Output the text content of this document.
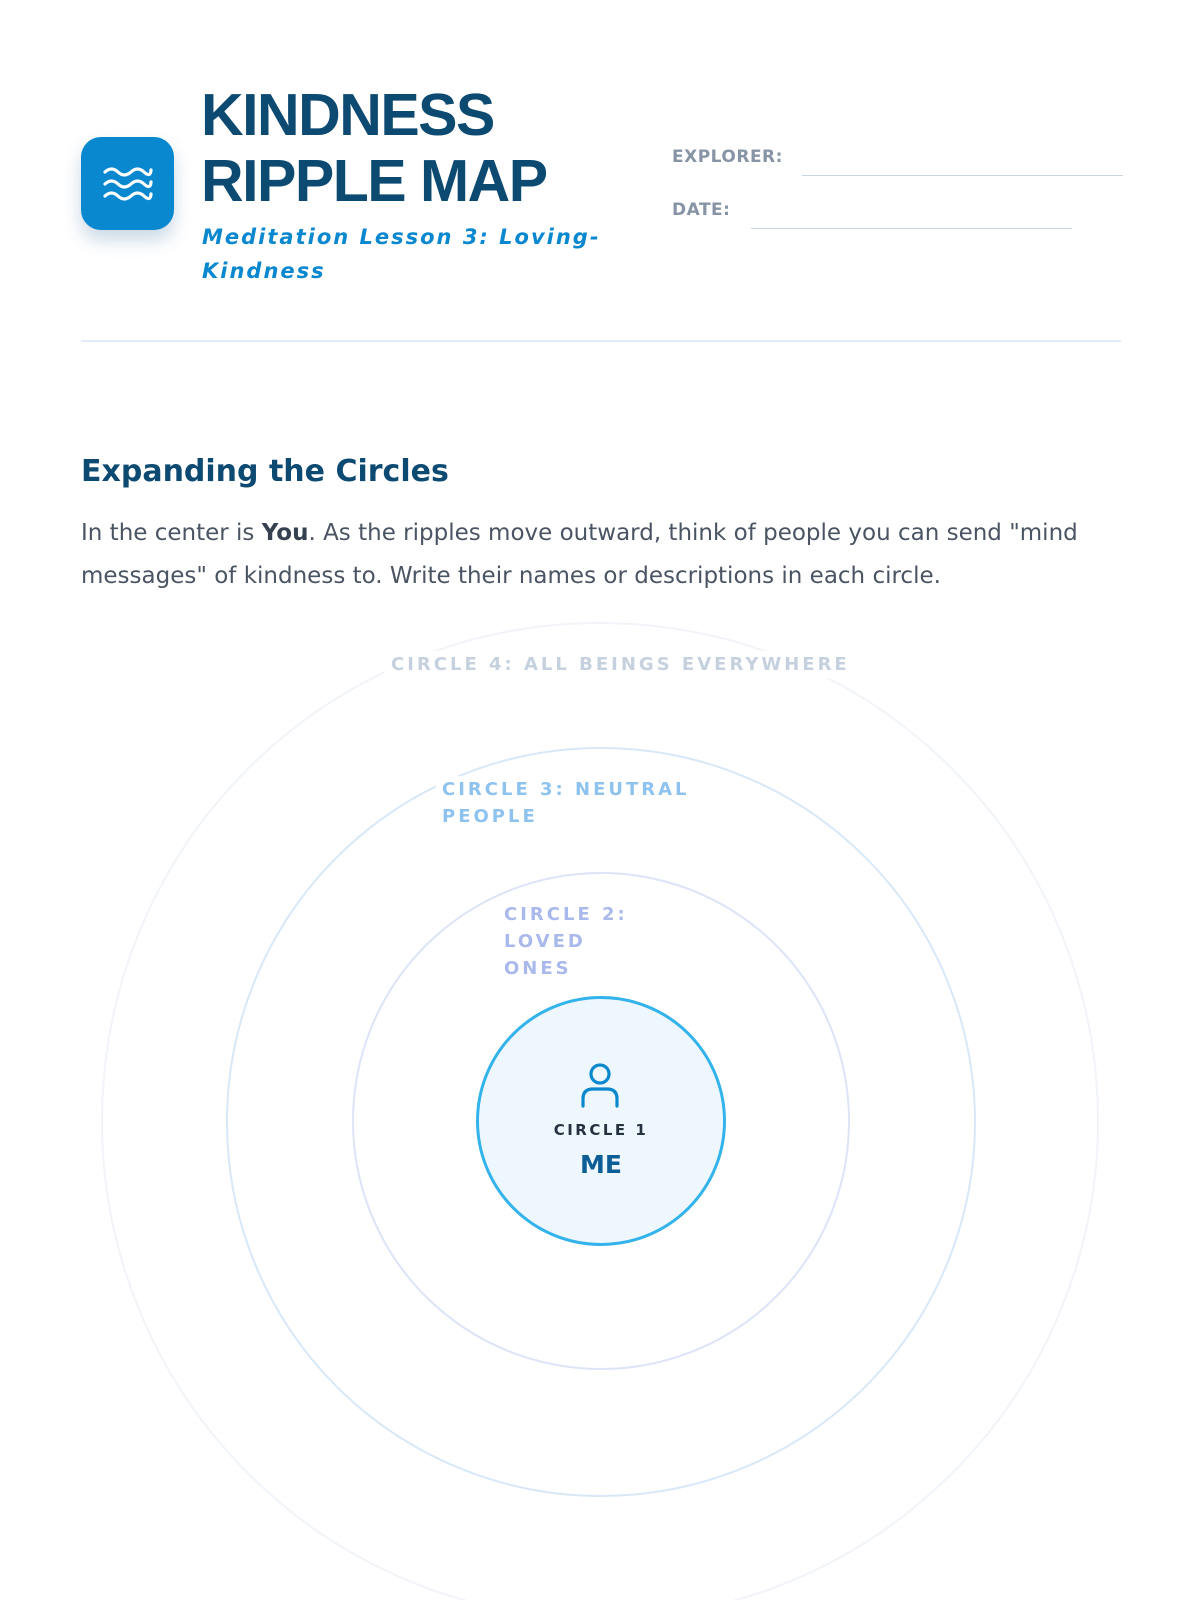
KINDNESS
RIPPLE MAP
Meditation Lesson 3: Loving-Kindness
EXPLORER:
DATE:
Expanding the Circles

In the center is You. As the ripples move outward, think of people you can send "mind messages" of kindness to. Write their names or descriptions in each circle.

CIRCLE 4: ALL BEINGS EVERYWHERE
CIRCLE 3: NEUTRAL PEOPLE
CIRCLE 2: LOVED ONES
CIRCLE 1
ME
